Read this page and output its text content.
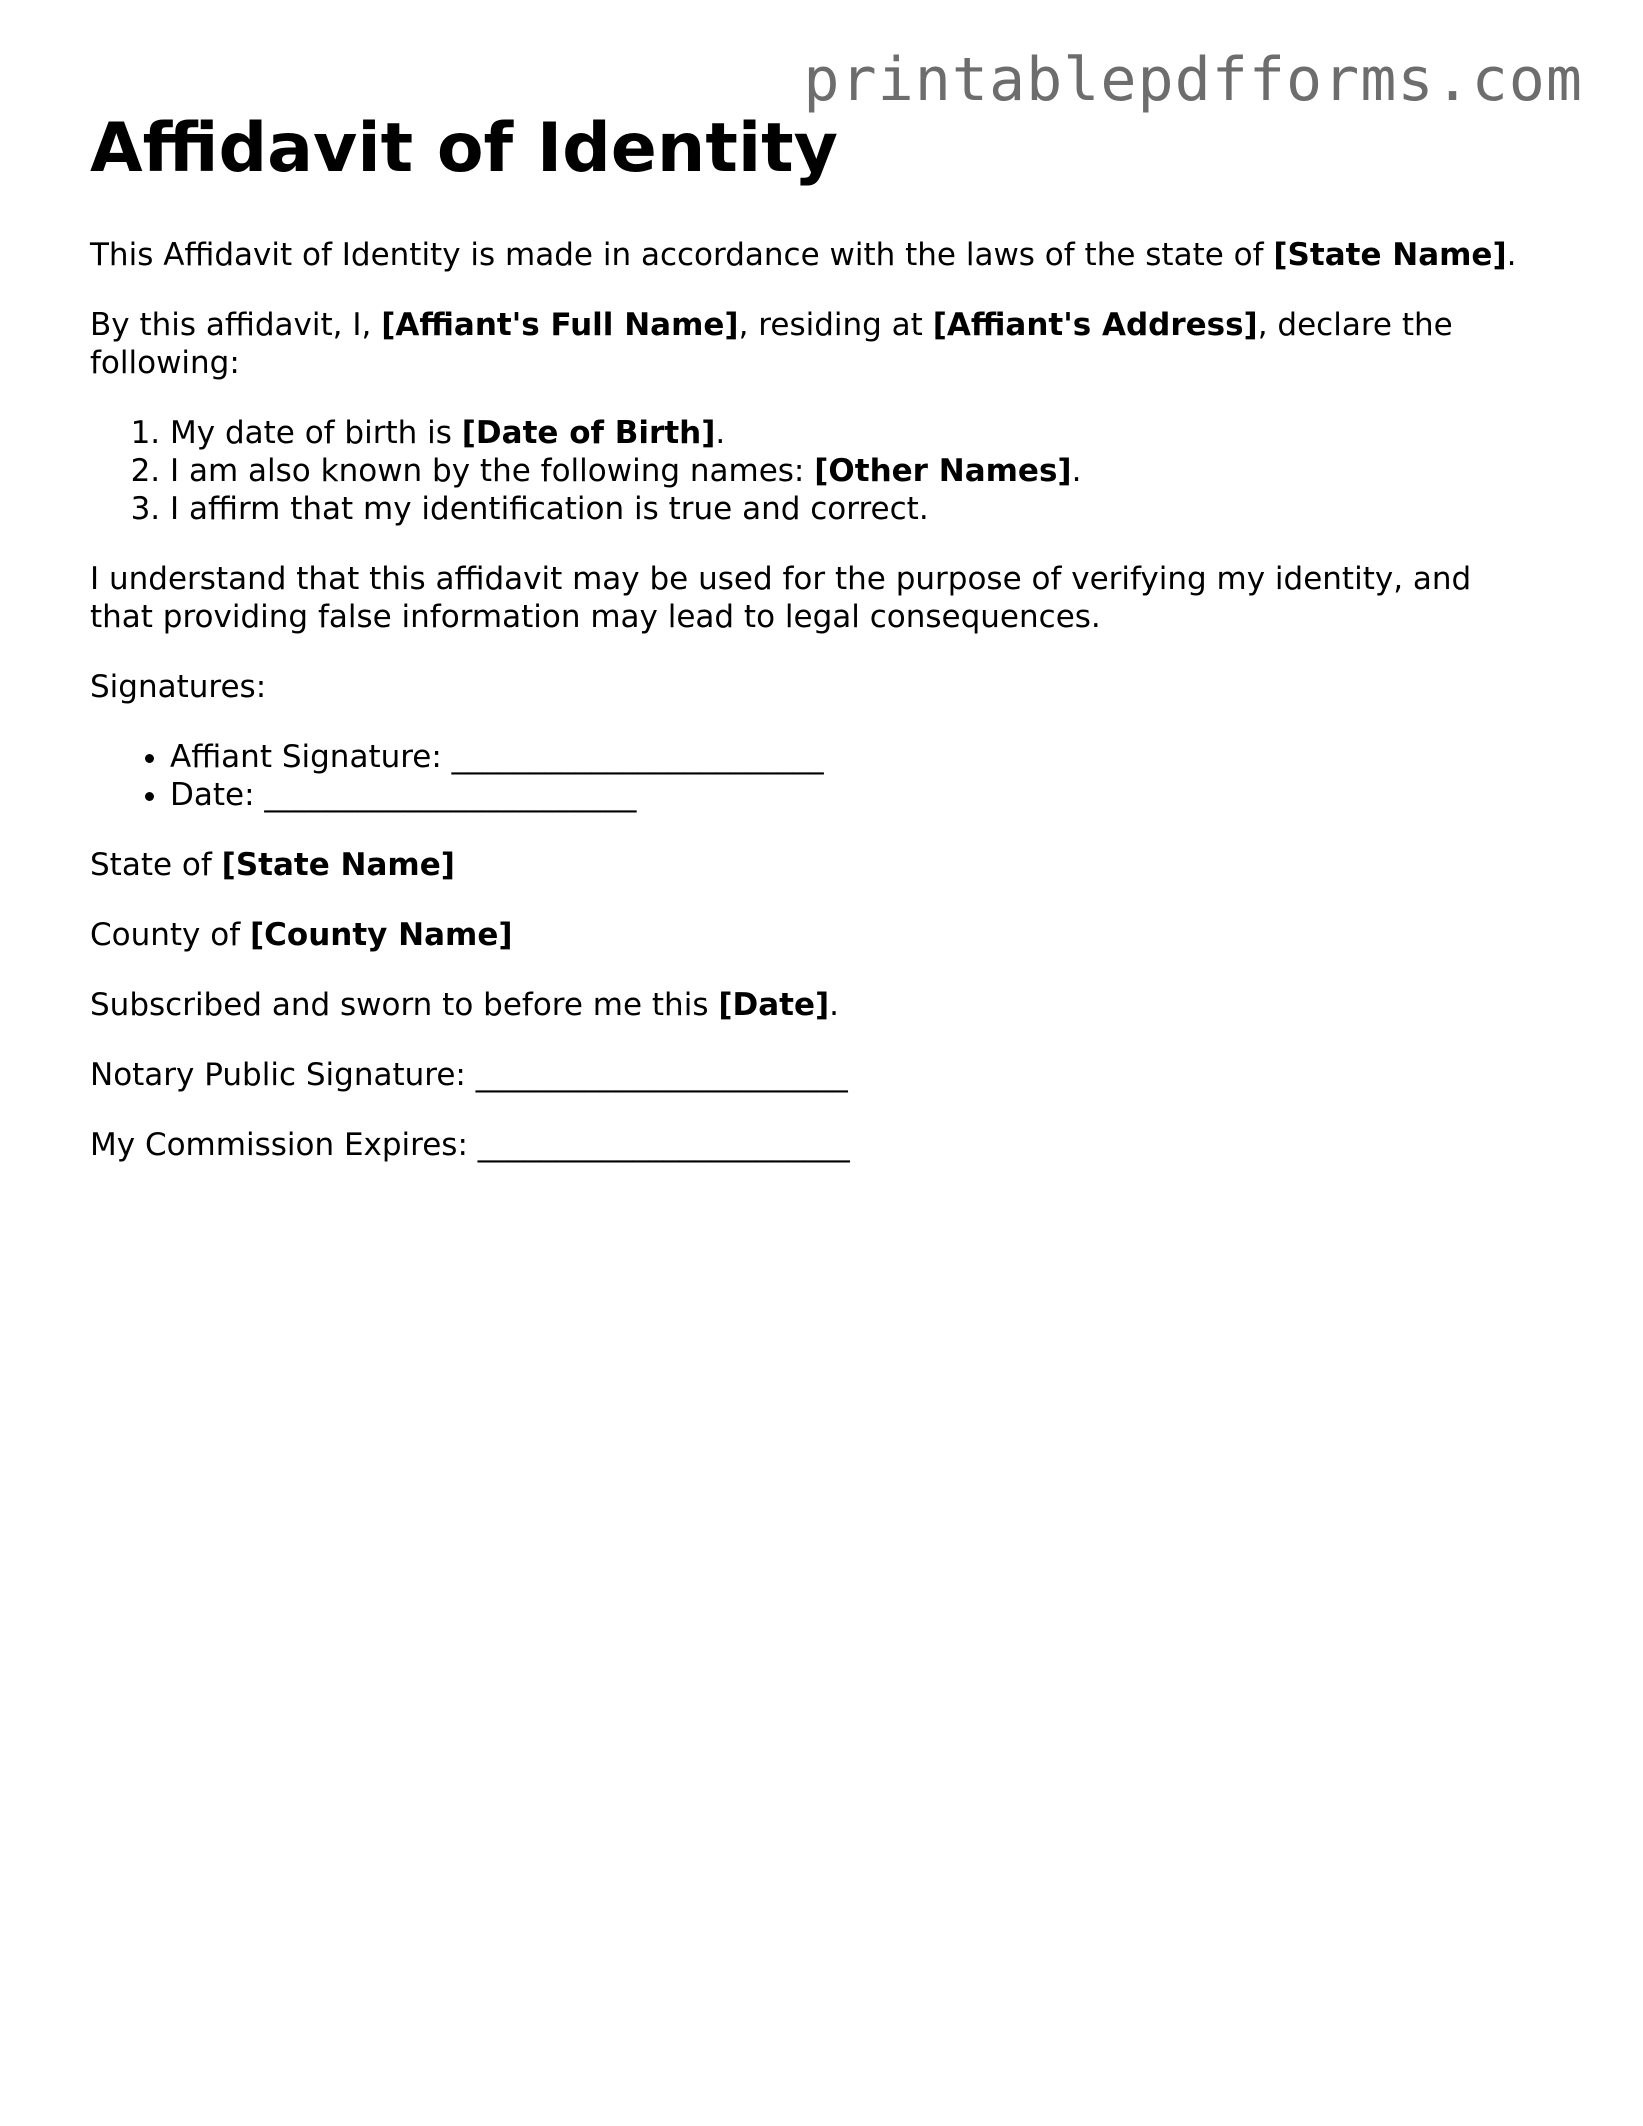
printablepdfforms.com
Affidavit of Identity

This Affidavit of Identity is made in accordance with the laws of the state of [State Name].

By this affidavit, I, [Affiant's Full Name], residing at [Affiant's Address], declare the following:

1. My date of birth is [Date of Birth].
2. I am also known by the following names: [Other Names].
3. I affirm that my identification is true and correct.

I understand that this affidavit may be used for the purpose of verifying my identity, and that providing false information may lead to legal consequences.

Signatures:

• Affiant Signature: ________________________
• Date: ________________________

State of [State Name]

County of [County Name]

Subscribed and sworn to before me this [Date].

Notary Public Signature: ________________________

My Commission Expires: ________________________
